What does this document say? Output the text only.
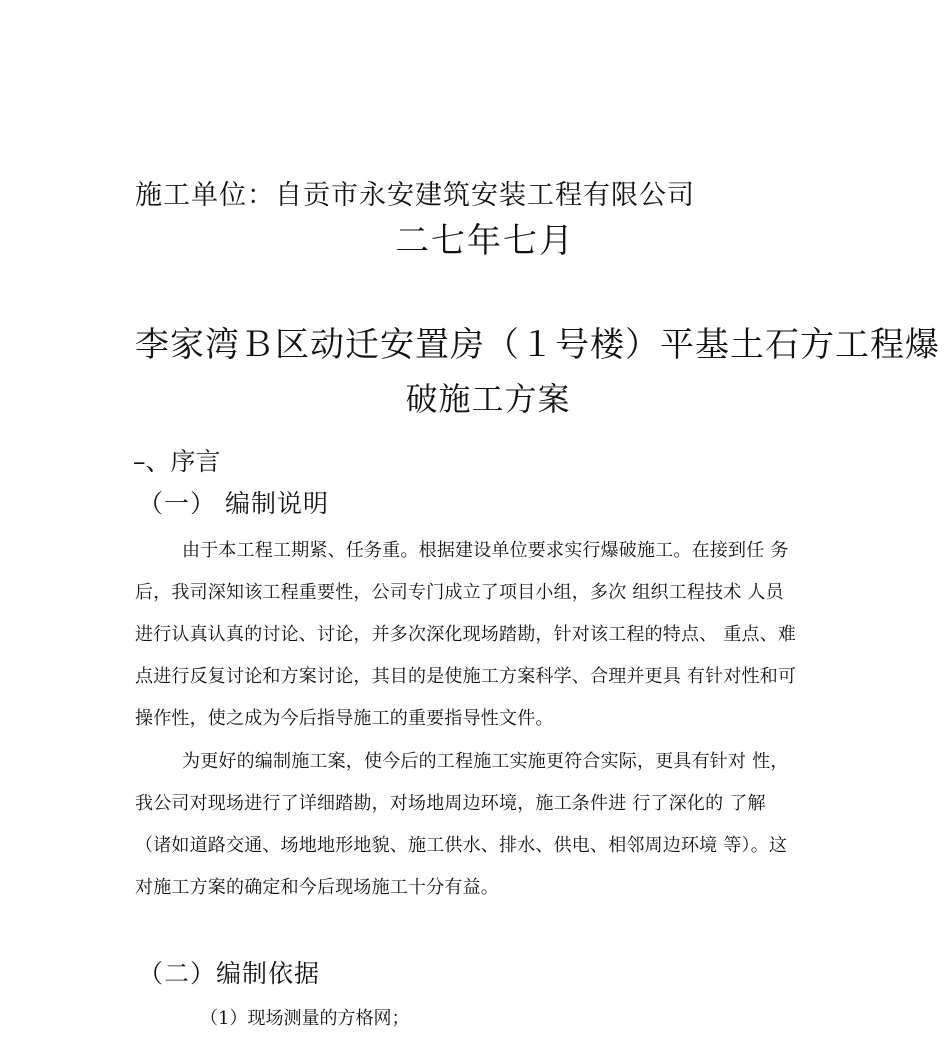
施工单位：自贡市永安建筑安装工程有限公司
二七年七月
李家湾Ｂ区动迁安置房（１号楼）平基土石方工程爆
破施工方案
–、序言
（一） 编制说明
由于本工程工期紧、任务重。根据建设单位要求实行爆破施工。在接到任 务
后，我司深知该工程重要性，公司专门成立了项目小组，多次 组织工程技术 人员
进行认真认真的讨论、讨论，并多次深化现场踏勘，针对该工程的特点、 重点、难
点进行反复讨论和方案讨论，其目的是使施工方案科学、合理并更具 有针对性和可
操作性，使之成为今后指导施工的重要指导性文件。
为更好的编制施工案，使今后的工程施工实施更符合实际，更具有针对 性，
我公司对现场进行了详细踏勘，对场地周边环境，施工条件进 行了深化的 了解
（诸如道路交通、场地地形地貌、施工供水、排水、供电、相邻周边环境 等）。这
对施工方案的确定和今后现场施工十分有益。
（二）编制依据
（1）现场测量的方格网；
